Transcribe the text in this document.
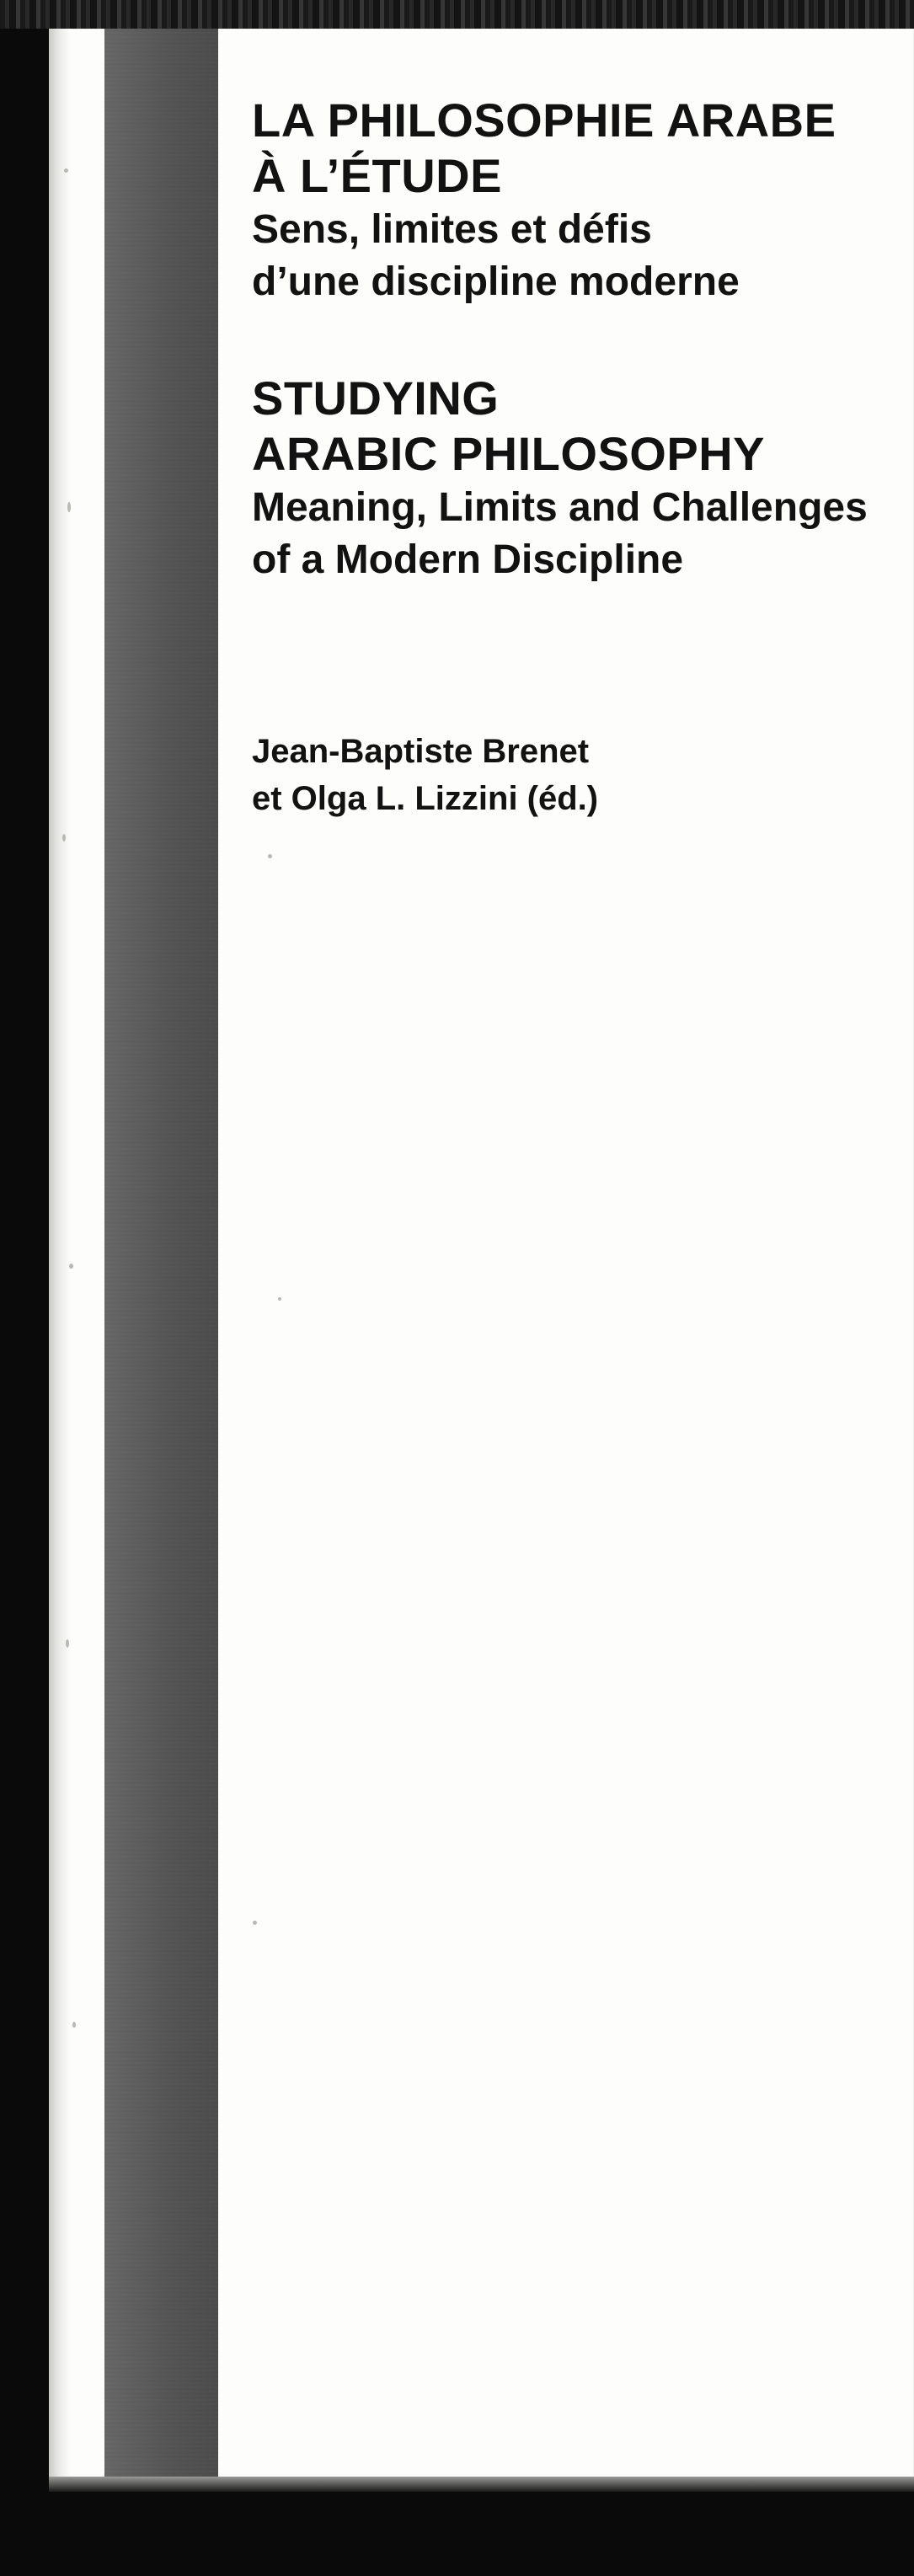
LA PHILOSOPHIE ARABE
À L’ÉTUDE
Sens, limites et défis
d’une discipline moderne
STUDYING
ARABIC PHILOSOPHY
Meaning, Limits and Challenges
of a Modern Discipline
Jean-Baptiste Brenet
et Olga L. Lizzini (éd.)
